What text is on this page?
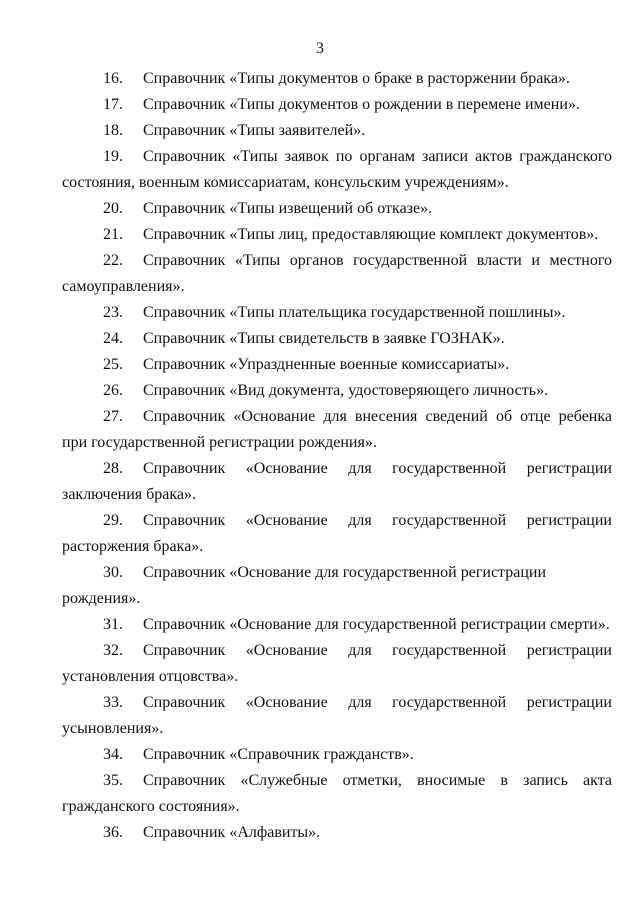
3
16. Справочник «Типы документов о браке в расторжении брака».
17. Справочник «Типы документов о рождении в перемене имени».
18. Справочник «Типы заявителей».
19. Справочник «Типы заявок по органам записи актов гражданского состояния, военным комиссариатам, консульским учреждениям».
20. Справочник «Типы извещений об отказе».
21. Справочник «Типы лиц, предоставляющие комплект документов».
22. Справочник «Типы органов государственной власти и местного самоуправления».
23. Справочник «Типы плательщика государственной пошлины».
24. Справочник «Типы свидетельств в заявке ГОЗНАК».
25. Справочник «Упраздненные военные комиссариаты».
26. Справочник «Вид документа, удостоверяющего личность».
27. Справочник «Основание для внесения сведений об отце ребенка при государственной регистрации рождения».
28. Справочник «Основание для государственной регистрации заключения брака».
29. Справочник «Основание для государственной регистрации расторжения брака».
30. Справочник «Основание для государственной регистрации рождения».
31. Справочник «Основание для государственной регистрации смерти».
32. Справочник «Основание для государственной регистрации установления отцовства».
33. Справочник «Основание для государственной регистрации усыновления».
34. Справочник «Справочник гражданств».
35. Справочник «Служебные отметки, вносимые в запись акта гражданского состояния».
36. Справочник «Алфавиты».
